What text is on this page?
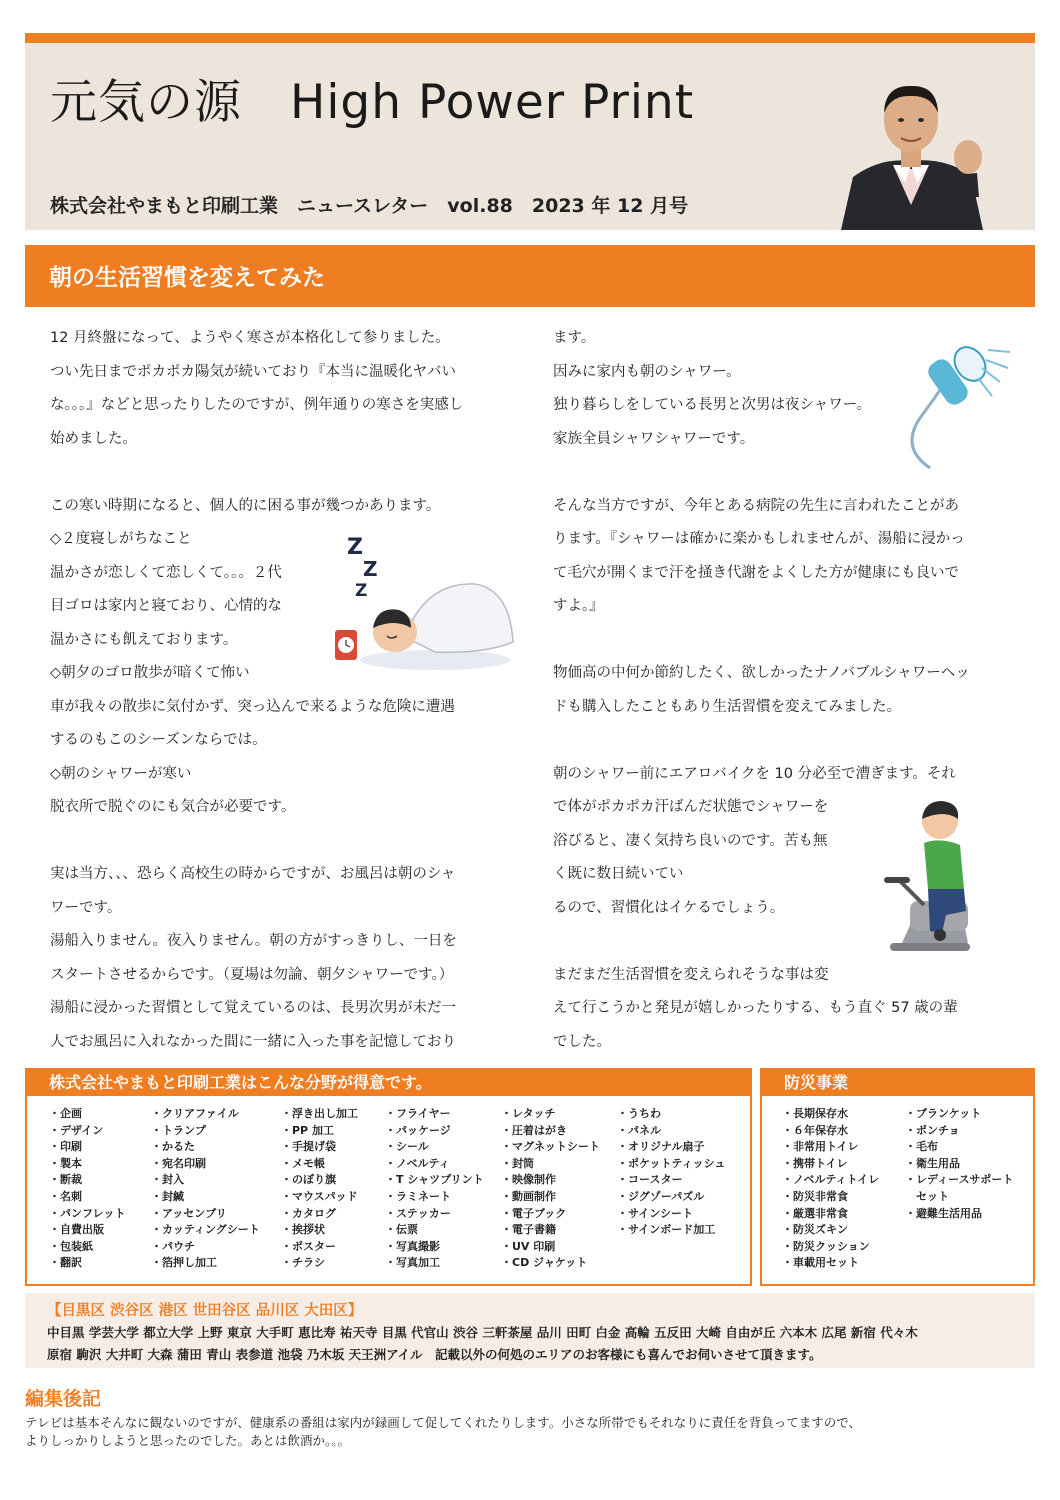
元気の源　High Power Print
株式会社やまもと印刷工業　ニュースレター　vol.88　2023 年 12 月号
朝の生活習慣を変えてみた

12 月終盤になって、ようやく寒さが本格化して参りました。

つい先日までポカポカ陽気が続いており『本当に温暖化ヤバい

な。。。』などと思ったりしたのですが、例年通りの寒さを実感し

始めました。

この寒い時期になると、個人的に困る事が幾つかあります。

◇２度寝しがちなこと

温かさが恋しくて恋しくて。。。２代

目ゴロは家内と寝ており、心情的な

温かさにも飢えております。

◇朝夕のゴロ散歩が暗くて怖い

車が我々の散歩に気付かず、突っ込んで来るような危険に遭遇

するのもこのシーズンならでは。

◇朝のシャワーが寒い

脱衣所で脱ぐのにも気合が必要です。

実は当方、、、恐らく高校生の時からですが、お風呂は朝のシャ

ワーです。

湯船入りません。夜入りません。朝の方がすっきりし、一日を

スタートさせるからです。（夏場は勿論、朝夕シャワーです。）

湯船に浸かった習慣として覚えているのは、長男次男が未だ一

人でお風呂に入れなかった間に一緒に入った事を記憶しており

ます。

因みに家内も朝のシャワー。

独り暮らしをしている長男と次男は夜シャワー。

家族全員シャワシャワーです。

そんな当方ですが、今年とある病院の先生に言われたことがあ

ります。『シャワーは確かに楽かもしれませんが、湯船に浸かっ

て毛穴が開くまで汗を掻き代謝をよくした方が健康にも良いで

すよ。』

物価高の中何か節約したく、欲しかったナノバブルシャワーヘッ

ドも購入したこともあり生活習慣を変えてみました。

朝のシャワー前にエアロバイクを 10 分必至で漕ぎます。それ

で体がポカポカ汗ばんだ状態でシャワーを

浴びると、凄く気持ち良いのです。苦も無

く既に数日続いてい

るので、習慣化はイケるでしょう。

まだまだ生活習慣を変えられそうな事は変

えて行こうかと発見が嬉しかったりする、もう直ぐ 57 歳の輩

でした。

Z
Z
Z
株式会社やまもと印刷工業はこんな分野が得意です。
・企画
・デザイン
・印刷
・製本
・断裁
・名刺
・パンフレット
・自費出版
・包装紙
・翻訳
・クリアファイル
・トランプ
・かるた
・宛名印刷
・封入
・封緘
・アッセンブリ
・カッティングシート
・パウチ
・箔押し加工
・浮き出し加工
・PP 加工
・手提げ袋
・メモ帳
・のぼり旗
・マウスパッド
・カタログ
・挨拶状
・ポスター
・チラシ
・フライヤー
・パッケージ
・シール
・ノベルティ
・T シャツプリント
・ラミネート
・ステッカー
・伝票
・写真撮影
・写真加工
・レタッチ
・圧着はがき
・マグネットシート
・封筒
・映像制作
・動画制作
・電子ブック
・電子書籍
・UV 印刷
・CD ジャケット
・うちわ
・パネル
・オリジナル扇子
・ポケットティッシュ
・コースター
・ジグゾーパズル
・サインシート
・サインボード加工
防災事業
・長期保存水
・６年保存水
・非常用トイレ
・携帯トイレ
・ノベルティトイレ
・防災非常食
・厳選非常食
・防災ズキン
・防災クッション
・車載用セット
・ブランケット
・ポンチョ
・毛布
・衛生用品
・レディースサポート
　セット
・避難生活用品
【目黒区 渋谷区 港区 世田谷区 品川区 大田区】
中目黒 学芸大学 都立大学 上野 東京 大手町 恵比寿 祐天寺 目黒 代官山 渋谷 三軒茶屋 品川 田町 白金 高輪 五反田 大崎 自由が丘 六本木 広尾 新宿 代々木
原宿 駒沢 大井町 大森 蒲田 青山 表参道 池袋 乃木坂 天王洲アイル　記載以外の何処のエリアのお客様にも喜んでお伺いさせて頂きます。
編集後記

テレビは基本そんなに観ないのですが、健康系の番組は家内が録画して促してくれたりします。小さな所帯でもそれなりに責任を背負ってますので、

よりしっかりしようと思ったのでした。あとは飲酒か。。。
